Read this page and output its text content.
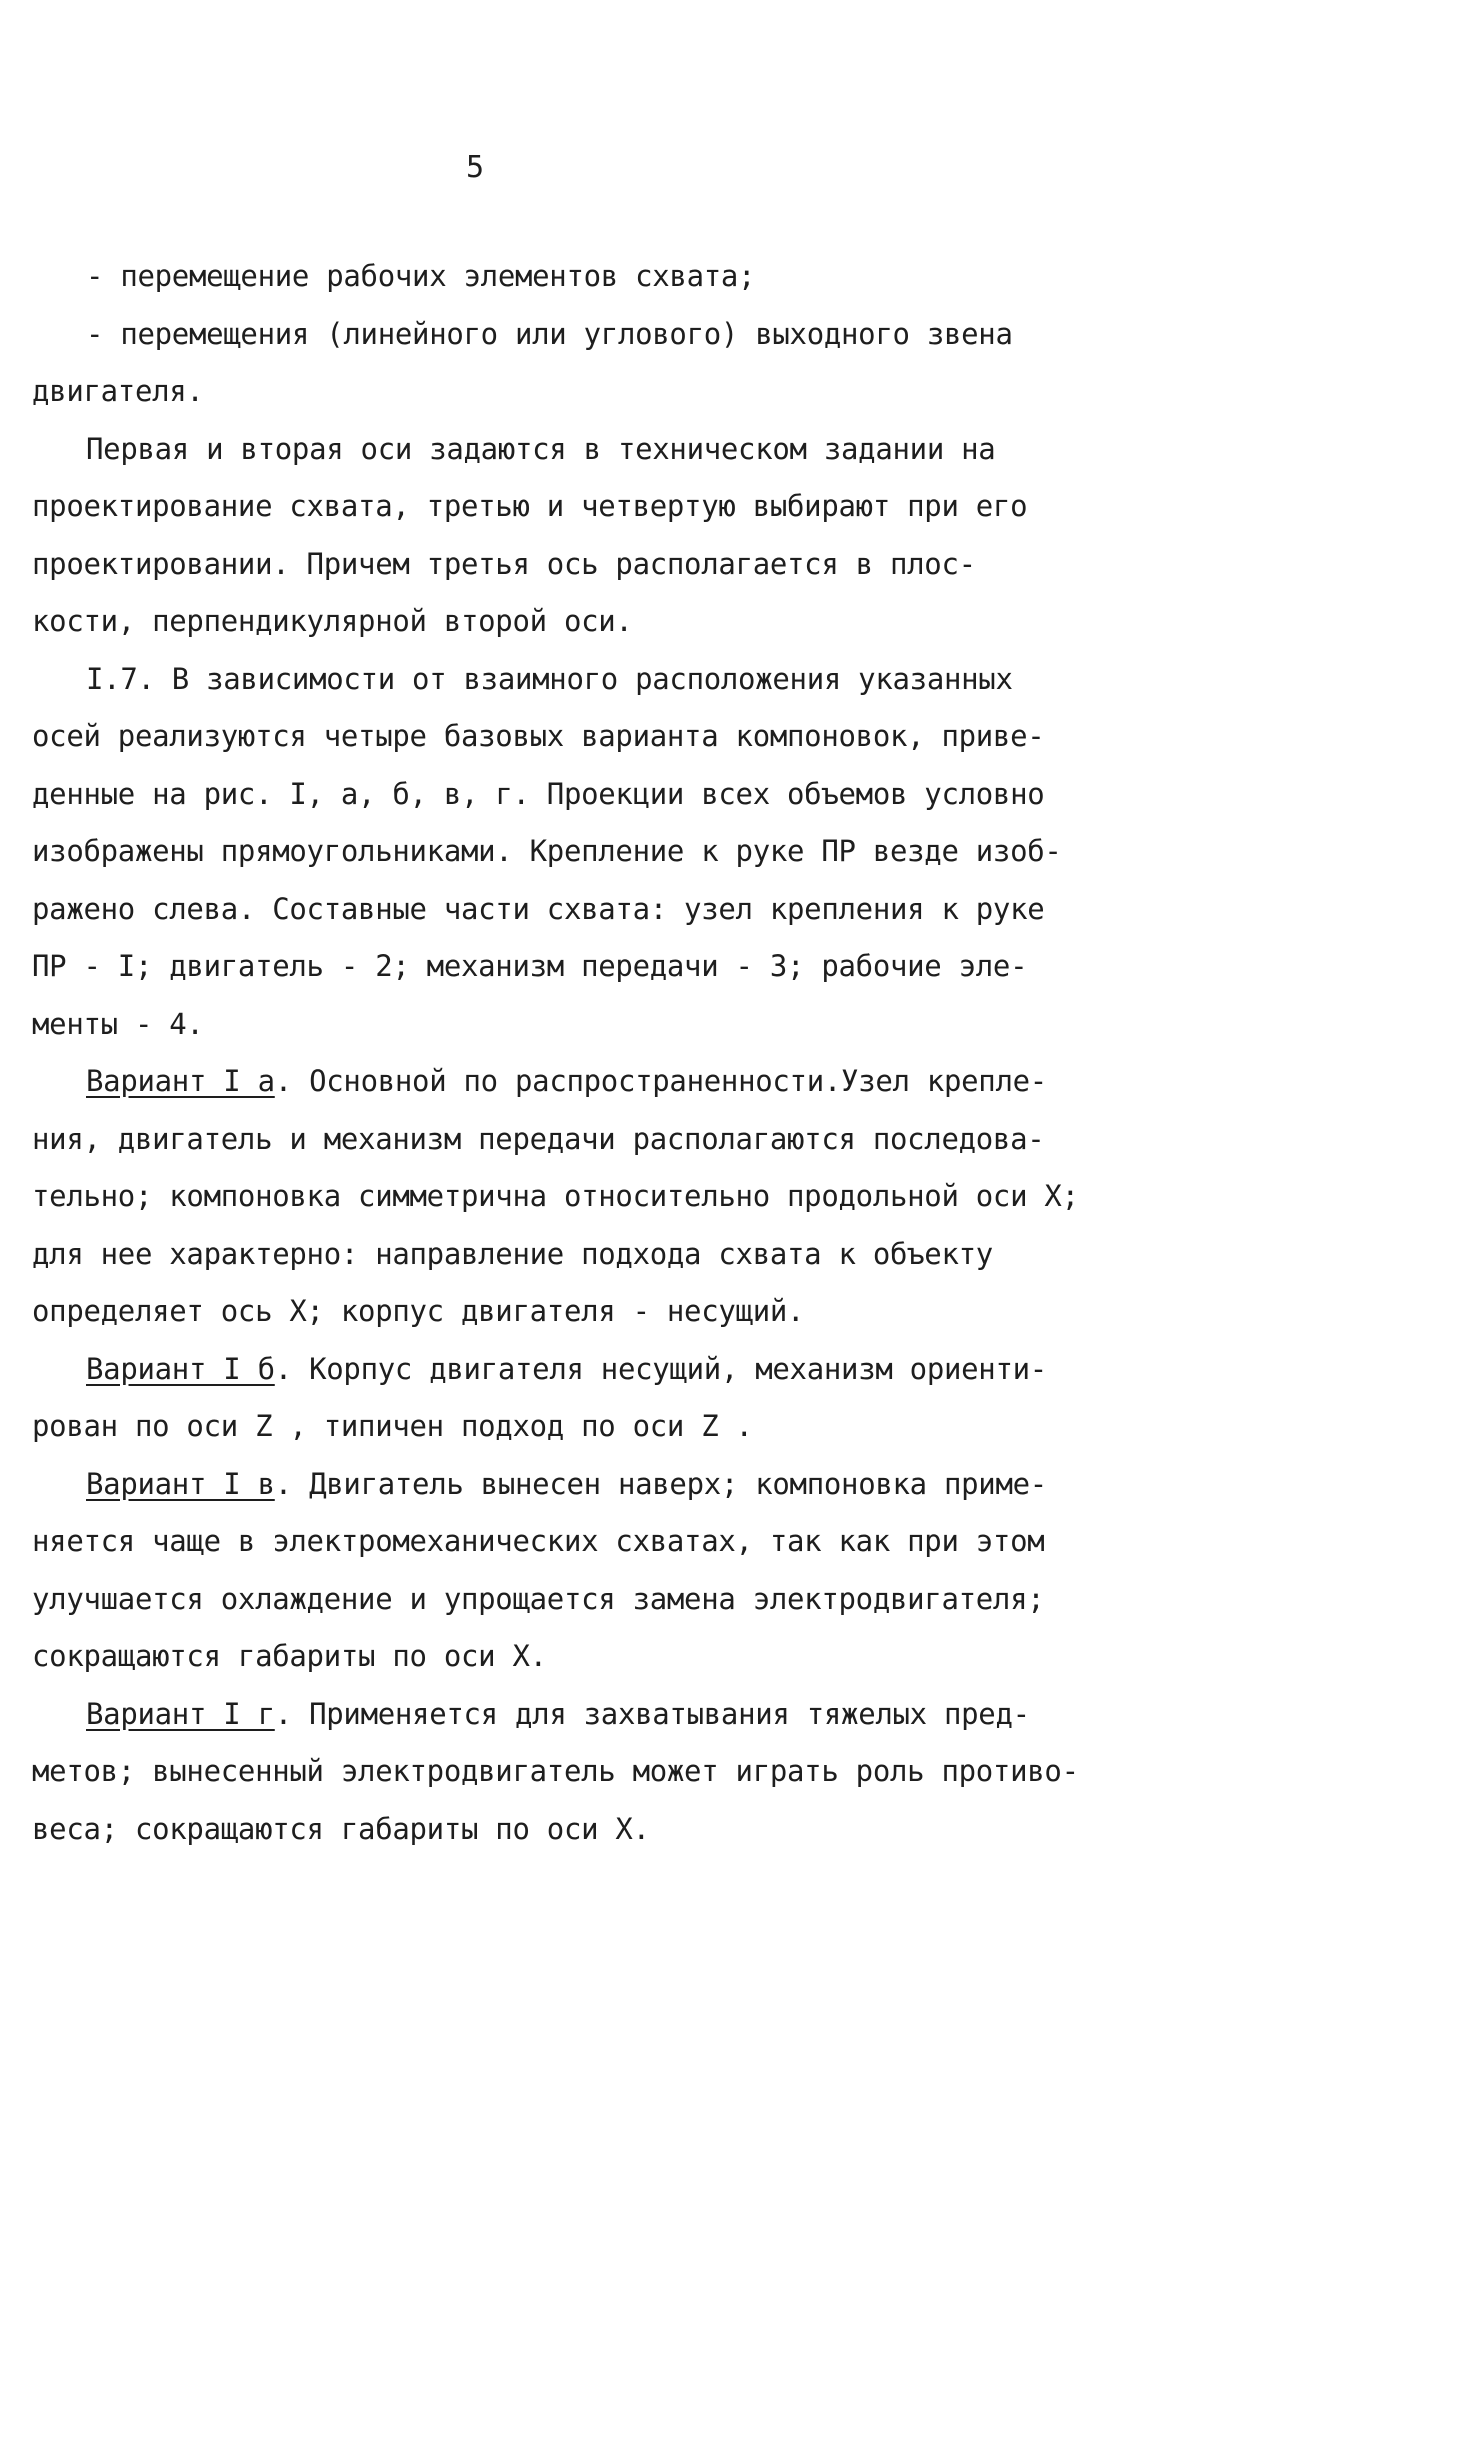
5
- перемещение рабочих элементов схвата;
- перемещения (линейного или углового) выходного звена
двигателя.
Первая и вторая оси задаются в техническом задании на
проектирование схвата, третью и четвертую выбирают при его
проектировании. Причем третья ось располагается в плос-
кости, перпендикулярной второй оси.
I.7. В зависимости от взаимного расположения указанных
осей реализуются четыре базовых варианта компоновок, приве-
денные на рис. I, а, б, в, г. Проекции всех объемов условно
изображены прямоугольниками. Крепление к руке ПР везде изоб-
ражено слева. Составные части схвата: узел крепления к руке
ПР - I; двигатель - 2; механизм передачи - 3; рабочие эле-
менты - 4.
Вариант I а. Основной по распространенности.Узел крепле-
ния, двигатель и механизм передачи располагаются последова-
тельно; компоновка симметрична относительно продольной оси X;
для нее характерно: направление подхода схвата к объекту
определяет ось X; корпус двигателя - несущий.
Вариант I б. Корпус двигателя несущий, механизм ориенти-
рован по оси Z , типичен подход по оси Z .
Вариант I в. Двигатель вынесен наверх; компоновка приме-
няется чаще в электромеханических схватах, так как при этом
улучшается охлаждение и упрощается замена электродвигателя;
сокращаются габариты по оси X.
Вариант I г. Применяется для захватывания тяжелых пред-
метов; вынесенный электродвигатель может играть роль противо-
веса; сокращаются габариты по оси X.
